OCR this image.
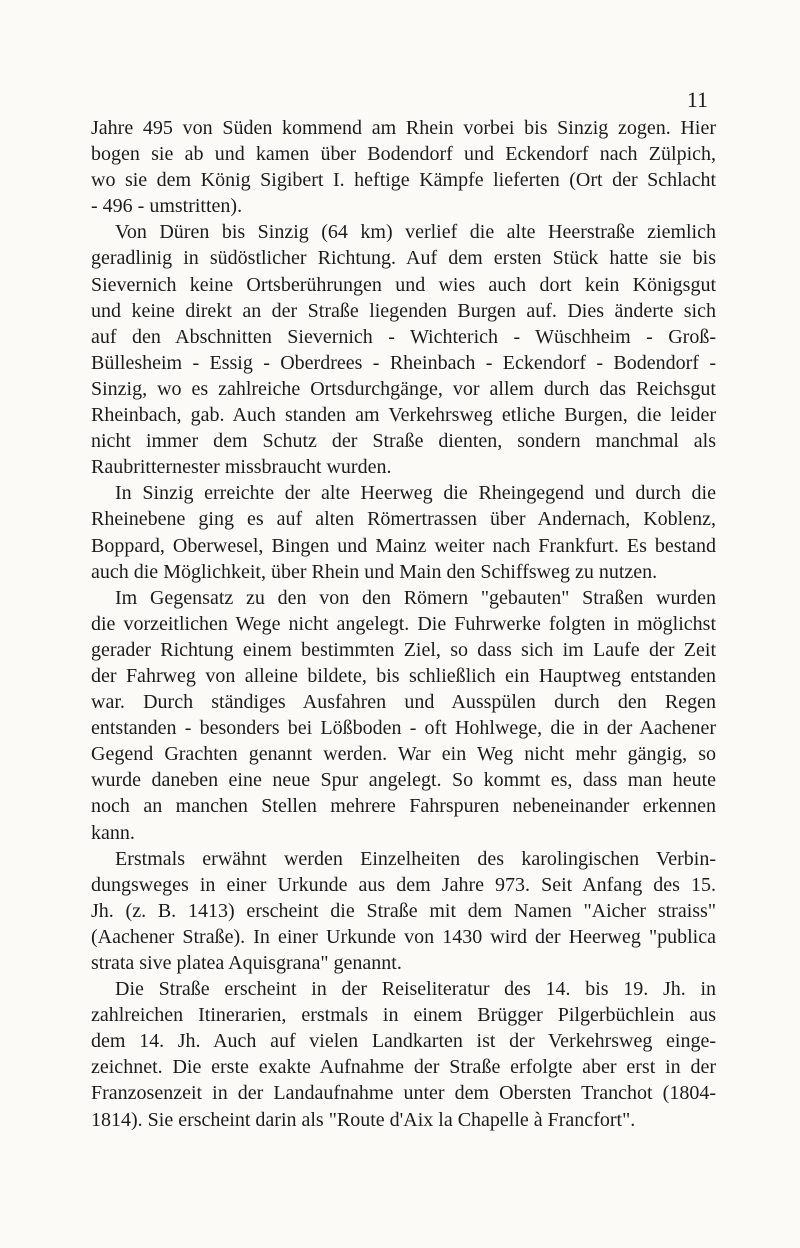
11
Jahre 495 von Süden kommend am Rhein vorbei bis Sinzig zogen. Hier
bogen sie ab und kamen über Bodendorf und Eckendorf nach Zülpich,
wo sie dem König Sigibert I. heftige Kämpfe lieferten (Ort der Schlacht
- 496 - umstritten).
Von Düren bis Sinzig (64 km) verlief die alte Heerstraße ziemlich
geradlinig in südöstlicher Richtung. Auf dem ersten Stück hatte sie bis
Sievernich keine Ortsberührungen und wies auch dort kein Königsgut
und keine direkt an der Straße liegenden Burgen auf. Dies änderte sich
auf den Abschnitten Sievernich - Wichterich - Wüschheim - Groß-
Büllesheim - Essig - Oberdrees - Rheinbach - Eckendorf - Bodendorf -
Sinzig, wo es zahlreiche Ortsdurchgänge, vor allem durch das Reichsgut
Rheinbach, gab. Auch standen am Verkehrsweg etliche Burgen, die leider
nicht immer dem Schutz der Straße dienten, sondern manchmal als
Raubritternester missbraucht wurden.
In Sinzig erreichte der alte Heerweg die Rheingegend und durch die
Rheinebene ging es auf alten Römertrassen über Andernach, Koblenz,
Boppard, Oberwesel, Bingen und Mainz weiter nach Frankfurt. Es bestand
auch die Möglichkeit, über Rhein und Main den Schiffsweg zu nutzen.
Im Gegensatz zu den von den Römern "gebauten" Straßen wurden
die vorzeitlichen Wege nicht angelegt. Die Fuhrwerke folgten in möglichst
gerader Richtung einem bestimmten Ziel, so dass sich im Laufe der Zeit
der Fahrweg von alleine bildete, bis schließlich ein Hauptweg entstanden
war. Durch ständiges Ausfahren und Ausspülen durch den Regen
entstanden - besonders bei Lößboden - oft Hohlwege, die in der Aachener
Gegend Grachten genannt werden. War ein Weg nicht mehr gängig, so
wurde daneben eine neue Spur angelegt. So kommt es, dass man heute
noch an manchen Stellen mehrere Fahrspuren nebeneinander erkennen
kann.
Erstmals erwähnt werden Einzelheiten des karolingischen Verbin-
dungsweges in einer Urkunde aus dem Jahre 973. Seit Anfang des 15.
Jh. (z. B. 1413) erscheint die Straße mit dem Namen "Aicher straiss"
(Aachener Straße). In einer Urkunde von 1430 wird der Heerweg "publica
strata sive platea Aquisgrana" genannt.
Die Straße erscheint in der Reiseliteratur des 14. bis 19. Jh. in
zahlreichen Itinerarien, erstmals in einem Brügger Pilgerbüchlein aus
dem 14. Jh. Auch auf vielen Landkarten ist der Verkehrsweg einge-
zeichnet. Die erste exakte Aufnahme der Straße erfolgte aber erst in der
Franzosenzeit in der Landaufnahme unter dem Obersten Tranchot (1804-
1814). Sie erscheint darin als "Route d'Aix la Chapelle à Francfort".
